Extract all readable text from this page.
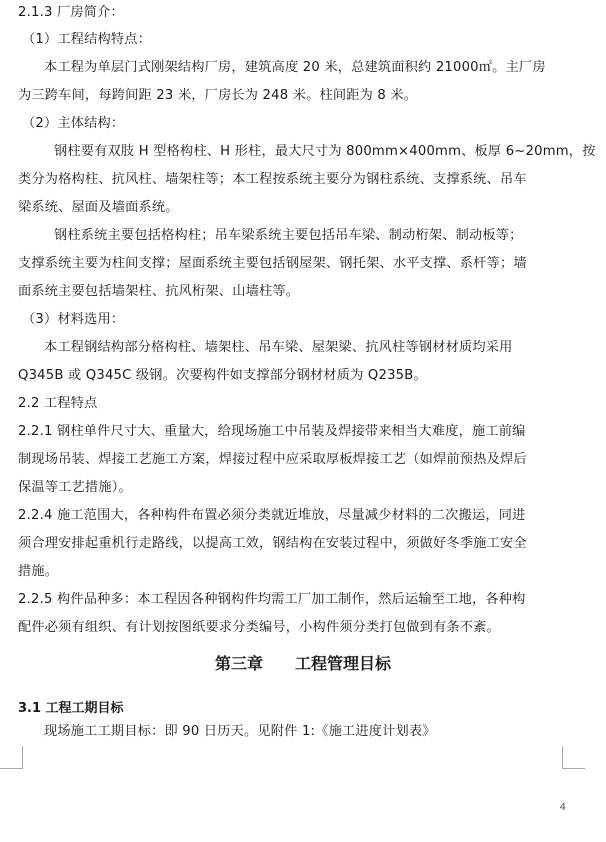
2.1.3 厂房简介：
（1）工程结构特点：
本工程为单层门式刚架结构厂房，建筑高度 20 米，总建筑面积约 21000㎡。主厂房
为三跨车间，每跨间距 23 米，厂房长为 248 米。柱间距为 8 米。
（2）主体结构：
钢柱要有双肢 H 型格构柱、H 形柱，最大尺寸为 800mm×400mm、板厚 6~20mm，按
类分为格构柱、抗风柱、墙架柱等；本工程按系统主要分为钢柱系统、支撑系统、吊车
梁系统、屋面及墙面系统。
钢柱系统主要包括格构柱；吊车梁系统主要包括吊车梁、制动桁架、制动板等；
支撑系统主要为柱间支撑；屋面系统主要包括钢屋架、钢托架、水平支撑、系杆等；墙
面系统主要包括墙架柱、抗风桁架、山墙柱等。
（3）材料选用：
本工程钢结构部分格构柱、墙架柱、吊车梁、屋架梁、抗风柱等钢材材质均采用
Q345B 或 Q345C 级钢。次要构件如支撑部分钢材材质为 Q235B。
2.2 工程特点
2.2.1 钢柱单件尺寸大、重量大，给现场施工中吊装及焊接带来相当大难度，施工前编
制现场吊装、焊接工艺施工方案，焊接过程中应采取厚板焊接工艺（如焊前预热及焊后
保温等工艺措施）。
2.2.4 施工范围大，各种构件布置必须分类就近堆放，尽量减少材料的二次搬运，同进
须合理安排起重机行走路线，以提高工效，钢结构在安装过程中，须做好冬季施工安全
措施。
2.2.5 构件品种多：本工程因各种钢构件均需工厂加工制作，然后运输至工地，各种构
配件必须有组织、有计划按图纸要求分类编号，小构件须分类打包做到有条不紊。
第三章　　工程管理目标
3.1 工程工期目标
现场施工工期目标：即 90 日历天。见附件 1:《施工进度计划表》
4
